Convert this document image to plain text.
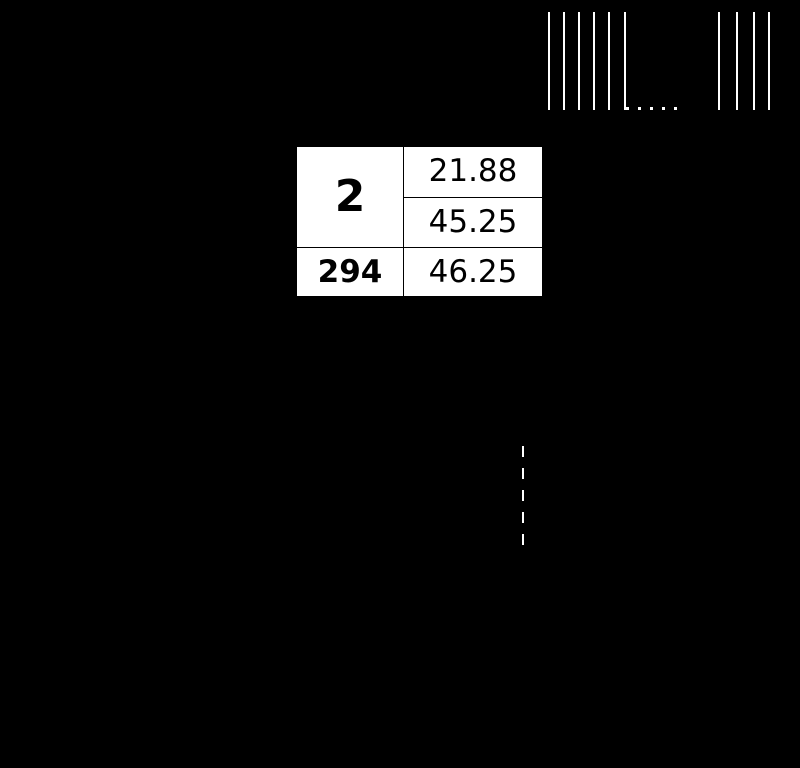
2	21.88
	45.25
294	46.25
